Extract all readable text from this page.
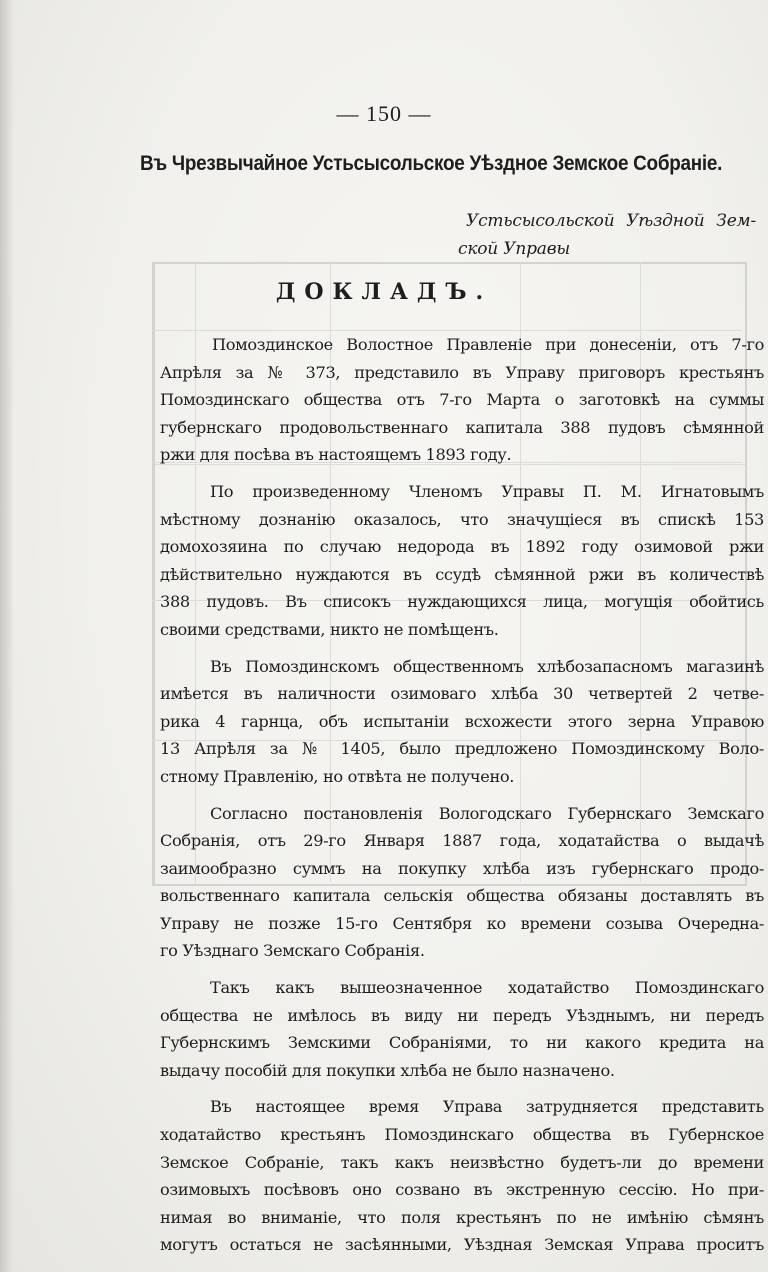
— 150 —
Въ Чрезвычайное Устьсысольское Уѣздное Земское Собраніе.
Устьсысольской Уѣздной Зем-
ской Управы
ДОКЛАДЪ.

Помоздинское Волостное Правленіе при донесеніи, отъ 7-го
Апрѣля за № 373, представило въ Управу приговоръ крестьянъ
Помоздинскаго общества отъ 7-го Марта о заготовкѣ на суммы
губернскаго продовольственнаго капитала 388 пудовъ сѣмянной
ржи для посѣва въ настоящемъ 1893 году.

По произведенному Членомъ Управы П. М. Игнатовымъ
мѣстному дознанію оказалось, что значущіеся въ спискѣ 153
домохозяина по случаю недорода въ 1892 году озимовой ржи
дѣйствительно нуждаются въ ссудѣ сѣмянной ржи въ количествѣ
388 пудовъ. Въ списокъ нуждающихся лица, могущія обойтись
своими средствами, никто не помѣщенъ.

Въ Помоздинскомъ общественномъ хлѣбозапасномъ магазинѣ
имѣется въ наличности озимоваго хлѣба 30 четвертей 2 четве-
рика 4 гарнца, объ испытаніи всхожести этого зерна Управою
13 Апрѣля за № 1405, было предложено Помоздинскому Воло-
стному Правленію, но отвѣта не получено.

Согласно постановленія Вологодскаго Губернскаго Земскаго
Собранія, отъ 29-го Января 1887 года, ходатайства о выдачѣ
заимообразно суммъ на покупку хлѣба изъ губернскаго продо-
вольственнаго капитала сельскія общества обязаны доставлять въ
Управу не позже 15-го Сентября ко времени созыва Очередна-
го Уѣзднаго Земскаго Собранія.

Такъ какъ вышеозначенное ходатайство Помоздинскаго
общества не имѣлось въ виду ни передъ Уѣзднымъ, ни передъ
Губернскимъ Земскими Собраніями, то ни какого кредита на
выдачу пособій для покупки хлѣба не было назначено.

Въ настоящее время Управа затрудняется представить
ходатайство крестьянъ Помоздинскаго общества въ Губернское
Земское Собраніе, такъ какъ неизвѣстно будетъ-ли до времени
озимовыхъ посѣвовъ оно созвано въ экстренную сессію. Но при-
нимая во вниманіе, что поля крестьянъ по не имѣнію сѣмянъ
могутъ остаться не засѣянными, Уѣздная Земская Управа проситъ
